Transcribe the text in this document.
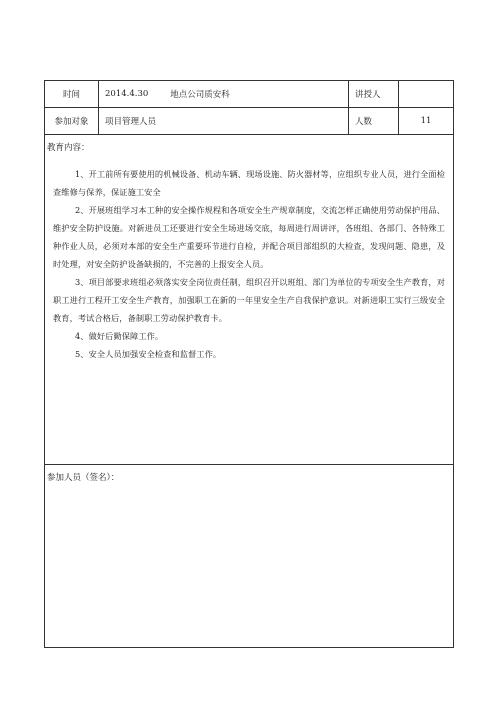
时间	2014.4.30	地点公司质安科	讲授人
参加对象	项目管理人员	人数	11
教育内容：

1、开工前所有要使用的机械设备、机动车辆、现场设施、防火器材等，应组织专业人员，进行全面检查维修与保养，保证施工安全

2、开展班组学习本工种的安全操作规程和各项安全生产规章制度，交流怎样正确使用劳动保护用品、维护安全防护设施。对新进员工还要进行安全生场进场交底，每周进行周讲评，各班组、各部门、各特殊工种作业人员，必须对本部的安全生产重要环节进行自检，并配合项目部组织的大检查，发现问题、隐患，及时处理，对安全防护设备缺损的，不完善的上报安全人员。

3、项目部要求班组必须落实安全岗位责任制，组织召开以班组、部门为单位的专项安全生产教育，对职工进行工程开工安全生产教育，加强职工在新的一年里安全生产自我保护意识。对新进职工实行三级安全教育，考试合格后，备制职工劳动保护教育卡。

4、做好后勤保障工作。

5、安全人员加强安全检查和监督工作。

参加人员（签名）：
